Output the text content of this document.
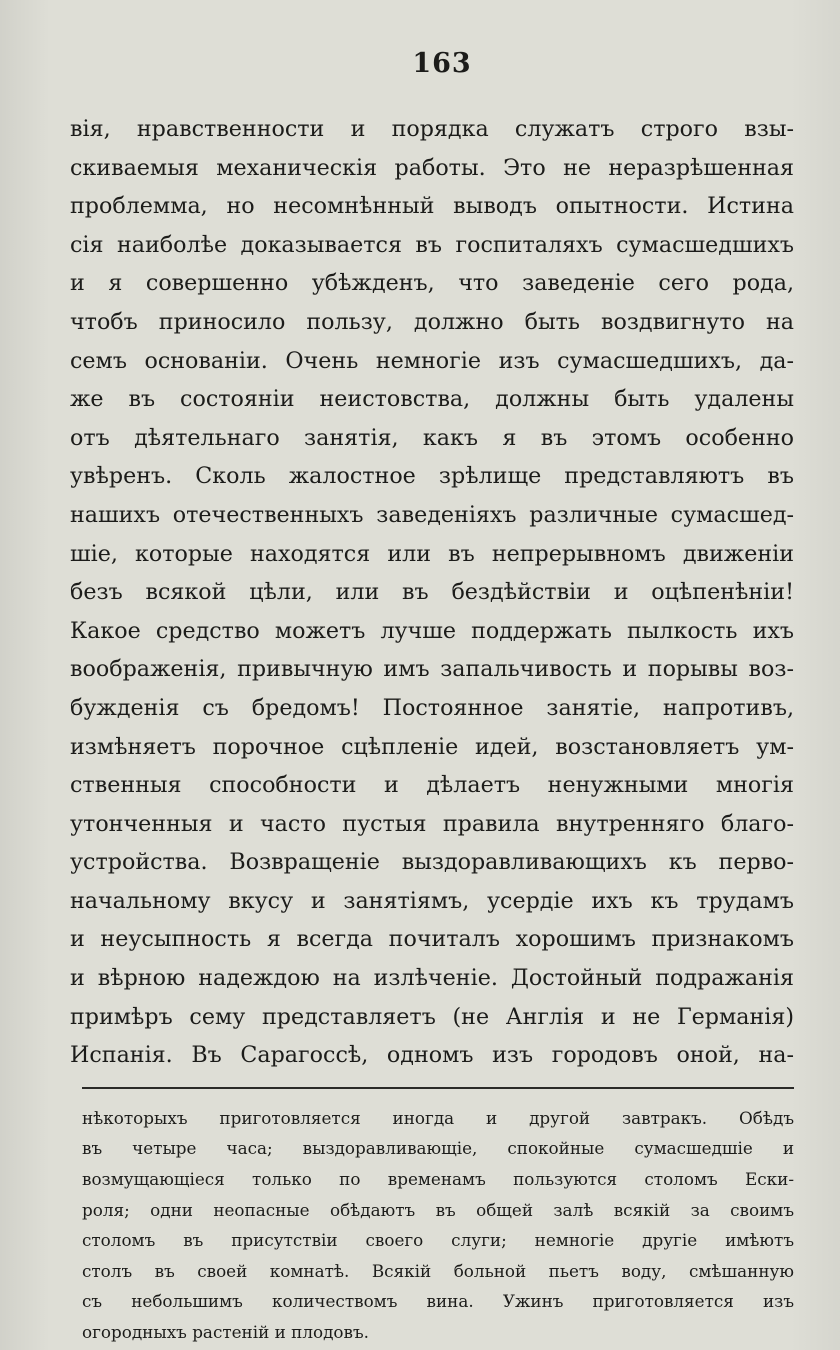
163
вія, нравственности и порядка служатъ строго взы-
скиваемыя механическія работы. Это не неразрѣшенная
проблемма, но несомнѣнный выводъ опытности. Истина
сія наиболѣе доказывается въ госпиталяхъ сумасшедшихъ
и я совершенно убѣжденъ, что заведеніе сего рода,
чтобъ приносило пользу, должно быть воздвигнуто на
семъ основаніи. Очень немногіе изъ сумасшедшихъ, да-
же въ состояніи неистовства, должны быть удалены
отъ дѣятельнаго занятія, какъ я въ этомъ особенно
увѣренъ. Сколь жалостное зрѣлище представляютъ въ
нашихъ отечественныхъ заведеніяхъ различные сумасшед-
шіе, которые находятся или въ непрерывномъ движеніи
безъ всякой цѣли, или въ бездѣйствіи и оцѣпенѣніи!
Какое средство можетъ лучше поддержать пылкость ихъ
воображенія, привычную имъ запальчивость и порывы воз-
бужденія съ бредомъ! Постоянное занятіе, напротивъ,
измѣняетъ порочное сцѣпленіе идей, возстановляетъ ум-
ственныя способности и дѣлаетъ ненужными многія
утонченныя и часто пустыя правила внутренняго благо-
устройства. Возвращеніе выздоравливающихъ къ перво-
начальному вкусу и занятіямъ, усердіе ихъ къ трудамъ
и неусыпность я всегда почиталъ хорошимъ признакомъ
и вѣрною надеждою на излѣченіе. Достойный подражанія
примѣръ сему представляетъ (не Англія и не Германія)
Испанія. Въ Сарагоссѣ, одномъ изъ городовъ оной, на-
нѣкоторыхъ приготовляется иногда и другой завтракъ. Обѣдъ
въ четыре часа; выздоравливающіе, спокойные сумасшедшіе и
возмущающіеся только по временамъ пользуются столомъ Еcки-
роля; одни неопасные обѣдаютъ въ общей залѣ всякій за своимъ
столомъ въ присутствіи своего слуги; немногіе другіе имѣютъ
столъ въ своей комнатѣ. Всякій больной пьетъ воду, смѣшанную
съ небольшимъ количествомъ вина. Ужинъ приготовляется изъ
огородныхъ растеній и плодовъ.
